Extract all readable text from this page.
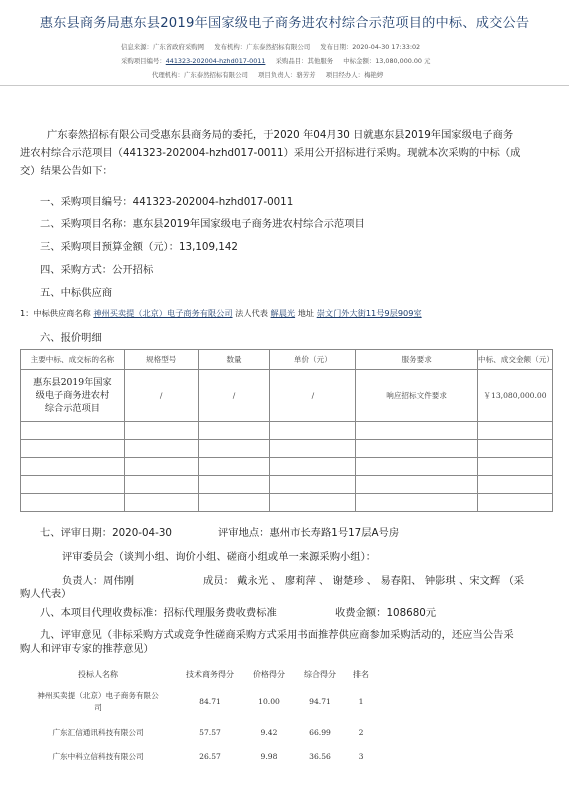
惠东县商务局惠东县2019年国家级电子商务进农村综合示范项目的中标、成交公告
信息来源：广东省政府采购网 发布机构：广东泰然招标有限公司 发布日期：2020-04-30 17:33:02
采购项目编号：441323-202004-hzhd017-0011 采购品目：其他服务 中标金额：13,080,000.00 元
代理机构：广东泰然招标有限公司 项目负责人：骆芳芳 项目经办人：梅艳婷
广东泰然招标有限公司受惠东县商务局的委托，于2020 年04月30 日就惠东县2019年国家级电子商务
进农村综合示范项目（441323-202004-hzhd017-0011）采用公开招标进行采购。现就本次采购的中标（成
交）结果公告如下：
一、采购项目编号：441323-202004-hzhd017-0011
二、采购项目名称：惠东县2019年国家级电子商务进农村综合示范项目
三、采购项目预算金额（元）：13,109,142
四、采购方式：公开招标
五、中标供应商
1：中标供应商名称 神州买卖提（北京）电子商务有限公司 法人代表 解晨光 地址 崇文门外大街11号9层909室
六、报价明细
主要中标、成交标的名称	规格型号	数量	单价（元）	服务要求	中标、成交金额（元）

惠东县2019年国家
级电子商务进农村
综合示范项目	/	/	/	响应招标文件要求	￥13,080,000.00

七、评审日期：2020-04-30	评审地点：惠州市长寿路1号17层A号房
评审委员会（谈判小组、询价小组、磋商小组或单一来源采购小组）：
负责人：周伟刚	成员： 戴永光 、 廖莉萍 、 谢楚珍 、 易春阳、 钟影琪 、宋文辉 （采
购人代表）
八、本项目代理收费标准：招标代理服务费收费标准	收费金额：108680元
九、评审意见（非标采购方式或竞争性磋商采购方式采用书面推荐供应商参加采购活动的，还应当公告采
购人和评审专家的推荐意见）
投标人名称	技术商务得分	价格得分	综合得分	排名

神州买卖提（北京）电子商务有限公
司	84.71	10.00	94.71	1
广东汇信通讯科技有限公司	57.57	9.42	66.99	2
广东中科立信科技有限公司	26.57	9.98	36.56	3
